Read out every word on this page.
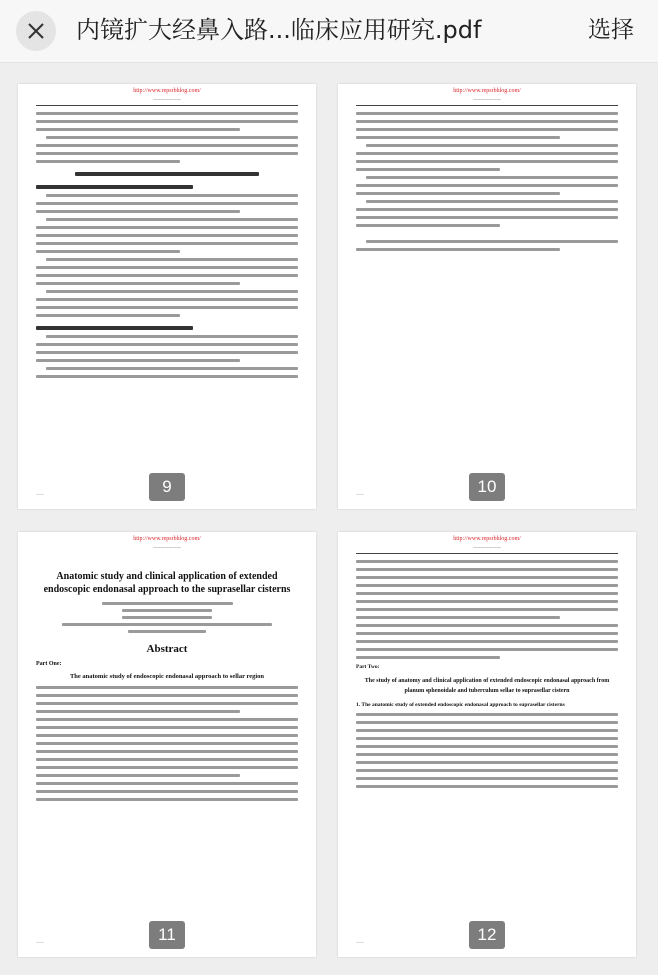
内镜扩大经鼻入路...临床应用研究.pdf	选择
http://www.repsrbhlog.com/
———————
——	9
http://www.repsrbhlog.com/
———————
——	10
http://www.repsrbhlog.com/
———————
Anatomic study and clinical application of extended endoscopic endonasal approach to the suprasellar cisterns
Abstract
Part One:
The anatomic study of endoscopic endonasal approach to sellar region
——	11
http://www.repsrbhlog.com/
———————
Part Two:
The study of anatomy and clinical application of extended endoscopic endonasal approach from planum sphenoidale and tuberculum sellae to suprasellar cistern
1. The anatomic study of extended endoscopic endonasal approach to suprasellar cisterns
——	12
